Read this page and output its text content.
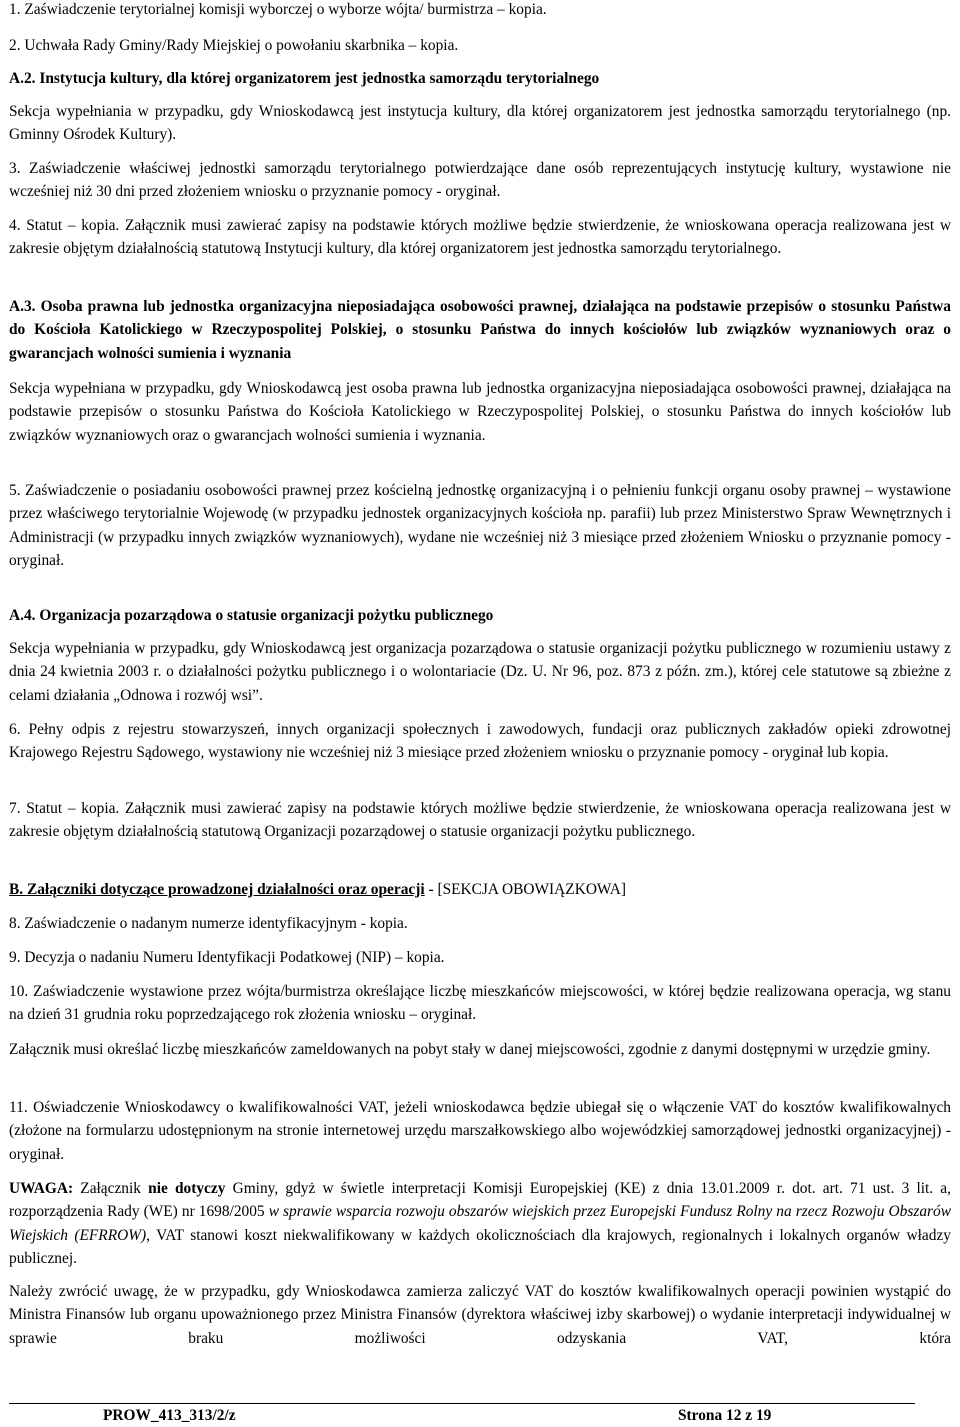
1. Zaświadczenie terytorialnej komisji wyborczej o wyborze wójta/ burmistrza – kopia.

2. Uchwała Rady Gminy/Rady Miejskiej o powołaniu skarbnika – kopia.

A.2. Instytucja kultury, dla której organizatorem jest jednostka samorządu terytorialnego

Sekcja wypełniania w przypadku, gdy Wnioskodawcą jest instytucja kultury, dla której organizatorem jest jednostka samorządu terytorialnego (np. Gminny Ośrodek Kultury).

3. Zaświadczenie właściwej jednostki samorządu terytorialnego potwierdzające dane osób reprezentujących instytucję kultury, wystawione nie wcześniej niż 30 dni przed złożeniem wniosku o przyznanie pomocy - oryginał.

4. Statut – kopia. Załącznik musi zawierać zapisy na podstawie których możliwe będzie stwierdzenie, że wnioskowana operacja realizowana jest w zakresie objętym działalnością statutową Instytucji kultury, dla której organizatorem jest jednostka samorządu terytorialnego.

A.3. Osoba prawna lub jednostka organizacyjna nieposiadająca osobowości prawnej, działająca na podstawie przepisów o stosunku Państwa do Kościoła Katolickiego w Rzeczypospolitej Polskiej, o stosunku Państwa do innych kościołów lub związków wyznaniowych oraz o gwarancjach wolności sumienia i wyznania

Sekcja wypełniana w przypadku, gdy Wnioskodawcą jest osoba prawna lub jednostka organizacyjna nieposiadająca osobowości prawnej, działająca na podstawie przepisów o stosunku Państwa do Kościoła Katolickiego w Rzeczypospolitej Polskiej, o stosunku Państwa do innych kościołów lub związków wyznaniowych oraz o gwarancjach wolności sumienia i wyznania.

5. Zaświadczenie o posiadaniu osobowości prawnej przez kościelną jednostkę organizacyjną i o pełnieniu funkcji organu osoby prawnej – wystawione przez właściwego terytorialnie Wojewodę (w przypadku jednostek organizacyjnych kościoła np. parafii) lub przez Ministerstwo Spraw Wewnętrznych i Administracji (w przypadku innych związków wyznaniowych), wydane nie wcześniej niż 3 miesiące przed złożeniem Wniosku o przyznanie pomocy - oryginał.

A.4. Organizacja pozarządowa o statusie organizacji pożytku publicznego

Sekcja wypełniania w przypadku, gdy Wnioskodawcą jest organizacja pozarządowa o statusie organizacji pożytku publicznego w rozumieniu ustawy z dnia 24 kwietnia 2003 r. o działalności pożytku publicznego i o wolontariacie (Dz. U. Nr 96, poz. 873 z późn. zm.), której cele statutowe są zbieżne z celami działania „Odnowa i rozwój wsi”.

6. Pełny odpis z rejestru stowarzyszeń, innych organizacji społecznych i zawodowych, fundacji oraz publicznych zakładów opieki zdrowotnej Krajowego Rejestru Sądowego, wystawiony nie wcześniej niż 3 miesiące przed złożeniem wniosku o przyznanie pomocy - oryginał lub kopia.

7. Statut – kopia. Załącznik musi zawierać zapisy na podstawie których możliwe będzie stwierdzenie, że wnioskowana operacja realizowana jest w zakresie objętym działalnością statutową Organizacji pozarządowej o statusie organizacji pożytku publicznego.

B. Załączniki dotyczące prowadzonej działalności oraz operacji - [SEKCJA OBOWIĄZKOWA]

8. Zaświadczenie o nadanym numerze identyfikacyjnym - kopia.

9. Decyzja o nadaniu Numeru Identyfikacji Podatkowej (NIP) – kopia.

10. Zaświadczenie wystawione przez wójta/burmistrza określające liczbę mieszkańców miejscowości, w której będzie realizowana operacja, wg stanu na dzień 31 grudnia roku poprzedzającego rok złożenia wniosku – oryginał.

Załącznik musi określać liczbę mieszkańców zameldowanych na pobyt stały w danej miejscowości, zgodnie z danymi dostępnymi w urzędzie gminy.

11. Oświadczenie Wnioskodawcy o kwalifikowalności VAT, jeżeli wnioskodawca będzie ubiegał się o włączenie VAT do kosztów kwalifikowalnych (złożone na formularzu udostępnionym na stronie internetowej urzędu marszałkowskiego albo wojewódzkiej samorządowej jednostki organizacyjnej) - oryginał.

UWAGA: Załącznik nie dotyczy Gminy, gdyż w świetle interpretacji Komisji Europejskiej (KE) z dnia 13.01.2009 r. dot. art. 71 ust. 3 lit. a, rozporządzenia Rady (WE) nr 1698/2005 w sprawie wsparcia rozwoju obszarów wiejskich przez Europejski Fundusz Rolny na rzecz Rozwoju Obszarów Wiejskich (EFRROW), VAT stanowi koszt niekwalifikowany w każdych okolicznościach dla krajowych, regionalnych i lokalnych organów władzy publicznej.

Należy zwrócić uwagę, że w przypadku, gdy Wnioskodawca zamierza zaliczyć VAT do kosztów kwalifikowalnych operacji powinien wystąpić do Ministra Finansów lub organu upoważnionego przez Ministra Finansów (dyrektora właściwej izby skarbowej) o wydanie interpretacji indywidualnej w sprawie braku możliwości odzyskania VAT, która

PROW_413_313/2/z	Strona 12 z 19
